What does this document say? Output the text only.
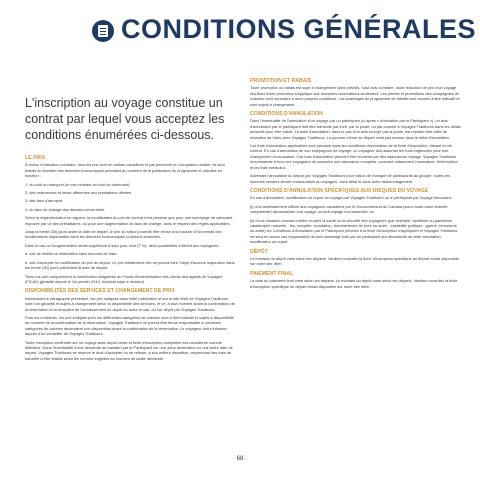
CONDITIONS GÉNÉRALES

L'inscription au voyage constitue un contrat par lequel vous acceptez les conditions énumérées ci-dessous.

LE PRIX

À moins d'indication contraire, tous les prix sont en dollars canadiens et par personne en occupation double. Ils sont établis en fonction des données économiques prévalant au moment de la publication du programme et calculés en fonction :

1. du coût du transport (le cas échéant au coût du carburant)

2. des redevances et taxes afférentes aux prestations offertes

3. des taux d'aéroport

4. du taux de change des devises concernées.

Selon la réglementation en vigueur, la modification du prix de contrat n'est permise que pour une surcharge de carburant imposée par un des prestataires, ou pour une augmentation du taux de change, dans le respect des règles applicables.

Jusqu'à trente (30) jours avant la date de départ, le prix du séjour pourrait être révisé à la hausse s'il survenait des modifications importantes dans les données économiques ci-dessus énoncées.

Dans le cas où l'augmentation serait supérieure à sept pour cent (7 %), deux possibilités s'offrent aux voyageurs :

a. soit de résilier la réservation sans encourir de frais;

b. soit d'accepter la modification du prix du séjour. Le prix initialement fixé ne pourra faire l'objet d'aucune majoration dans les trente (30) jours précédant la date de départ.

Tous nos prix comprennent la contribution obligatoire au Fonds d'indemnisation des clients des agents de Voyages (FICAV) (gratuite depuis le 1er janvier 2019, montant sujet à révision).

DISPONIBILITÉS DES SERVICES ET CHANGEMENT DE PRIX

Nonobstant le paragraphe précédent, les prix indiqués dans cette publication et sur le site Web de Voyages Traditours sont non garantis et sujets à changement selon la disponibilité des services, et ce, à tout moment avant la confirmation de la réservation et la réception de l'encaissement du dépôt ou selon le cas, du 1er dépôt par Voyages Traditours.

Pour les croisières, les prix indiqués pour les différentes catégories de cabines sont à titre indicatif et sujets à disponibilité au moment de la confirmation de la réservation. Voyages Traditours ne pourra être tenue responsable si certaines catégories de cabines devenaient non disponibles avant la confirmation de la réservation. Le voyageur doit s'informer auprès d'un conseiller de Voyages Traditours.

Toute inscription confirmée sur un voyage avec dépôt versé et fiche d'inscription complétée est considérée comme définitive. Dans l'éventualité d'une demande de transfert par le Participant sur une autre destination ou une autre date de départ, Voyages Traditours se réserve le droit d'accepter ou de refuser, à son entière discrétion, moyennant des frais de transfert à être établis selon les normes exigibles au moment de ladite demande.

PROMOTION ET RABAIS

Toute promotion ou rabais est sujet à changement sans préavis. Sauf avis contraire, toute réduction de prix d'un voyage résultant d'une promotion s'applique aux nouvelles réservations seulement. Les primes et promotions des compagnies de croisière sont soumises à leurs propres conditions. Les avantages du programme de fidélité sont donnés à titre indicatif et sont sujets à changement.

CONDITIONS D'ANNULATION

Dans l'éventualité de l'annulation d'un voyage par un participant (ci-après « Annulation par le Participant »), un avis d'annulation par le participant doit être transmis par écrit, par la poste, ou par courriel à Voyages Traditours dans les délais prescrits pour être valide. La date d'annulation, dans le cas d'un avis envoyé par la poste, est réputée être celle de réception de l'avis chez Voyages Traditours. La journée même du départ n'est pas incluse dans le délai d'annulation.

Les frais d'annulation applicables sont précisés dans les conditions d'annulation de la fiche d'inscription, faisant foi de contrat. En cas d'annulation de son compagnon de voyage, un voyageur doit assumer les frais engendrés pour tout changement d'occupation. Ces frais d'annulation peuvent être couverts par des assurances voyage. Voyages Traditours recommande à tous ses voyageurs de souscrire une assurance complète, couvrant notamment l'annulation, l'interruption et les frais médicaux.

Advenant l'annulation du séjour par Voyages Traditours pour raison de manque de participants au groupe, toutes les sommes versées seront remboursées au voyageur, sans délai et sans autre dédommagement.

CONDITIONS D'ANNULATION SPÉCIFIQUES AUX RISQUES DU VOYAGE

En cas d'annulation, modification ou report du voyage par Voyages Traditours ou le participant par Voyage découlant :

(i) d'un avertissement officiel aux voyageurs canadiens par le Gouvernement du Canada (selon toute autre autorité compétente) déconseillant tout voyage ou tout voyage non-essentiel; ou

(ii) d'une situation pouvant mettre en péril la santé ou la sécurité des voyageurs (par exemple, épidémie ou pandémie, catastrophe naturelle - feu, tempête, inondation, tremblements de terre ou autre - instabilité politique - guerre, terrorisme ou autre) les Conditions d'Annulation par le Participant prévues à la fiche d'inscription s'appliquent et Voyages Traditours ne sera en aucun cas responsable de tout dommage subi par un participant qui découlerait de cette annulation, modification ou report.

DÉPÔT

Le montant du dépôt varie selon les départs. Veuillez consulter la fiche d'inscription spécifique au départ choisi disponible sur notre site Web.

PAIEMENT FINAL

La date du paiement final varie selon les départs. Le montant du dépôt varie selon les départs. Veuillez consulter la fiche d'inscription spécifique au départ choisi disponible sur notre site Web.

68
